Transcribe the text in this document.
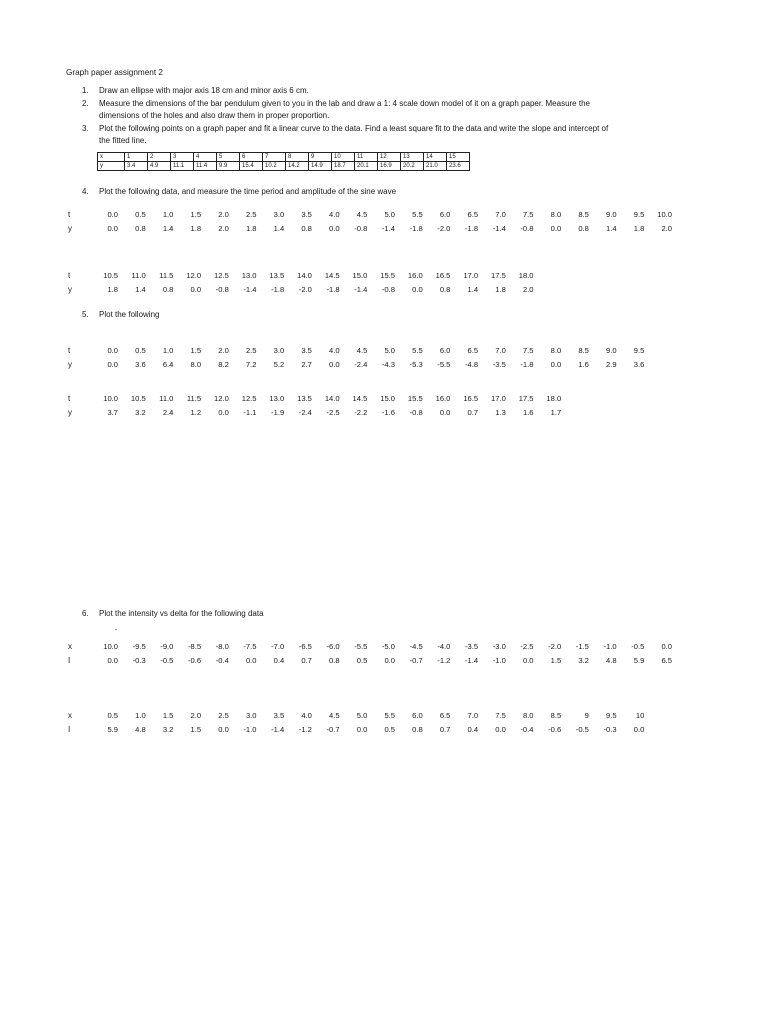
Graph paper assignment 2
1. Draw an ellipse with major axis 18 cm and minor axis 6 cm.
2. Measure the dimensions of the bar pendulum given to you in the lab and draw a 1: 4 scale down model of it on a graph paper. Measure the
dimensions of the holes and also draw them in proper proportion.
3. Plot the following points on a graph paper and fit a linear curve to the data. Find a least square fit to the data and write the slope and intercept of
the fitted line.
x	1	2	3	4	5	6	7	8	9	10	11	12	13	14	15
y	3.4	4.9	11.1	11.4	9.9	15.4	10.2	14.2	14.9	18.7	20.1	16.9	20.2	21.0	23.6
4. Plot the following data, and measure the time period and amplitude of the sine wave
5. Plot the following
6. Plot the intensity vs delta for the following data
-
t	0.0	0.5	1.0	1.5	2.0	2.5	3.0	3.5	4.0	4.5	5.0	5.5	6.0	6.5	7.0	7.5	8.0	8.5	9.0	9.5	10.0
y	0.0	0.8	1.4	1.8	2.0	1.8	1.4	0.8	0.0	-0.8	-1.4	-1.8	-2.0	-1.8	-1.4	-0.8	0.0	0.8	1.4	1.8	2.0
t	10.5	11.0	11.5	12.0	12.5	13.0	13.5	14.0	14.5	15.0	15.5	16.0	16.5	17.0	17.5	18.0
y	1.8	1.4	0.8	0.0	-0.8	-1.4	-1.8	-2.0	-1.8	-1.4	-0.8	0.0	0.8	1.4	1.8	2.0
t	0.0	0.5	1.0	1.5	2.0	2.5	3.0	3.5	4.0	4.5	5.0	5.5	6.0	6.5	7.0	7.5	8.0	8.5	9.0	9.5
y	0.0	3.6	6.4	8.0	8.2	7.2	5.2	2.7	0.0	-2.4	-4.3	-5.3	-5.5	-4.8	-3.5	-1.8	0.0	1.6	2.9	3.6
t	10.0	10.5	11.0	11.5	12.0	12.5	13.0	13.5	14.0	14.5	15.0	15.5	16.0	16.5	17.0	17.5	18.0
y	3.7	3.2	2.4	1.2	0.0	-1.1	-1.9	-2.4	-2.5	-2.2	-1.6	-0.8	0.0	0.7	1.3	1.6	1.7
x	10.0	-9.5	-9.0	-8.5	-8.0	-7.5	-7.0	-6.5	-6.0	-5.5	-5.0	-4.5	-4.0	-3.5	-3.0	-2.5	-2.0	-1.5	-1.0	-0.5	0.0
I	0.0	-0.3	-0.5	-0.6	-0.4	0.0	0.4	0.7	0.8	0.5	0.0	-0.7	-1.2	-1.4	-1.0	0.0	1.5	3.2	4.8	5.9	6.5
x	0.5	1.0	1.5	2.0	2.5	3.0	3.5	4.0	4.5	5.0	5.5	6.0	6.5	7.0	7.5	8.0	8.5	9	9.5	10
I	5.9	4.8	3.2	1.5	0.0	-1.0	-1.4	-1.2	-0.7	0.0	0.5	0.8	0.7	0.4	0.0	-0.4	-0.6	-0.5	-0.3	0.0
